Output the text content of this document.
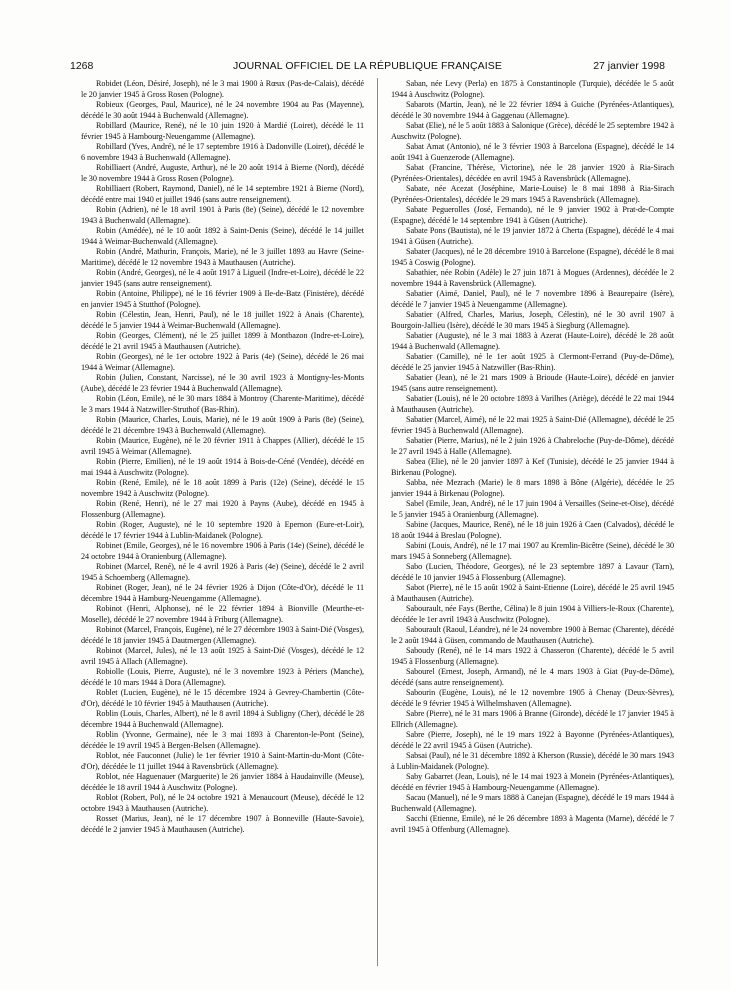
1268	JOURNAL OFFICIEL DE LA RÉPUBLIQUE FRANÇAISE	27 janvier 1998

Robidet (Léon, Désiré, Joseph), né le 3 mai 1900 à Rœux (Pas-de-Calais), décédé le 20 janvier 1945 à Gross Rosen (Pologne).

Robieux (Georges, Paul, Maurice), né le 24 novembre 1904 au Pas (Mayenne), décédé le 30 août 1944 à Buchenwald (Allemagne).

Robillard (Maurice, René), né le 10 juin 1920 à Mardié (Loiret), décédé le 11 février 1945 à Hambourg-Neuengamme (Allemagne).

Robillard (Yves, André), né le 17 septembre 1916 à Dadonville (Loiret), décédé le 6 novembre 1943 à Buchenwald (Allemagne).

Robilliaert (André, Auguste, Arthur), né le 20 août 1914 à Bierne (Nord), décédé le 30 novembre 1944 à Gross Rosen (Pologne).

Robilliaert (Robert, Raymond, Daniel), né le 14 septembre 1921 à Bierne (Nord), décédé entre mai 1940 et juillet 1946 (sans autre renseignement).

Robin (Adrien), né le 18 avril 1901 à Paris (8e) (Seine), décédé le 12 novembre 1943 à Buchenwald (Allemagne).

Robin (Amédée), né le 10 août 1892 à Saint-Denis (Seine), décédé le 14 juillet 1944 à Weimar-Buchenwald (Allemagne).

Robin (André, Mathurin, François, Marie), né le 3 juillet 1893 au Havre (Seine-Maritime), décédé le 12 novembre 1943 à Mauthausen (Autriche).

Robin (André, Georges), né le 4 août 1917 à Ligueil (Indre-et-Loire), décédé le 22 janvier 1945 (sans autre renseignement).

Robin (Antoine, Philippe), né le 16 février 1909 à Ile-de-Batz (Finistère), décédé en janvier 1945 à Stutthof (Pologne).

Robin (Célestin, Jean, Henri, Paul), né le 18 juillet 1922 à Anais (Charente), décédé le 5 janvier 1944 à Weimar-Buchenwald (Allemagne).

Robin (Georges, Clément), né le 25 juillet 1899 à Montbazon (Indre-et-Loire), décédé le 21 avril 1945 à Mauthausen (Autriche).

Robin (Georges), né le 1er octobre 1922 à Paris (4e) (Seine), décédé le 26 mai 1944 à Weimar (Allemagne).

Robin (Julien, Constant, Narcisse), né le 30 avril 1923 à Montigny-les-Monts (Aube), décédé le 23 février 1944 à Buchenwald (Allemagne).

Robin (Léon, Emile), né le 30 mars 1884 à Montroy (Charente-Maritime), décédé le 3 mars 1944 à Natzwiller-Struthof (Bas-Rhin).

Robin (Maurice, Charles, Louis, Marie), né le 19 août 1909 à Paris (8e) (Seine), décédé le 21 décembre 1943 à Buchenwald (Allemagne).

Robin (Maurice, Eugène), né le 20 février 1911 à Chappes (Allier), décédé le 15 avril 1945 à Weimar (Allemagne).

Robin (Pierre, Emilien), né le 19 août 1914 à Bois-de-Céné (Vendée), décédé en mai 1944 à Auschwitz (Pologne).

Robin (René, Emile), né le 18 août 1899 à Paris (12e) (Seine), décédé le 15 novembre 1942 à Auschwitz (Pologne).

Robin (René, Henri), né le 27 mai 1920 à Payns (Aube), décédé en 1945 à Flossenburg (Allemagne).

Robin (Roger, Auguste), né le 10 septembre 1920 à Epernon (Eure-et-Loir), décédé le 17 février 1944 à Lublin-Maidanek (Pologne).

Robinet (Emile, Georges), né le 16 novembre 1906 à Paris (14e) (Seine), décédé le 24 octobre 1944 à Oranienburg (Allemagne).

Robinet (Marcel, René), né le 4 avril 1926 à Paris (4e) (Seine), décédé le 2 avril 1945 à Schoemberg (Allemagne).

Robinet (Roger, Jean), né le 24 février 1926 à Dijon (Côte-d'Or), décédé le 11 décembre 1944 à Hamburg-Neuengamme (Allemagne).

Robinot (Henri, Alphonse), né le 22 février 1894 à Bionville (Meurthe-et-Moselle), décédé le 27 novembre 1944 à Friburg (Allemagne).

Robinot (Marcel, François, Eugène), né le 27 décembre 1903 à Saint-Dié (Vosges), décédé le 18 janvier 1945 à Dautmergen (Allemagne).

Robinot (Marcel, Jules), né le 13 août 1925 à Saint-Dié (Vosges), décédé le 12 avril 1945 à Allach (Allemagne).

Robiolle (Louis, Pierre, Auguste), né le 3 novembre 1923 à Périers (Manche), décédé le 10 mars 1944 à Dora (Allemagne).

Roblet (Lucien, Eugène), né le 15 décembre 1924 à Gevrey-Chambertin (Côte-d'Or), décédé le 10 février 1945 à Mauthausen (Autriche).

Roblin (Louis, Charles, Albert), né le 8 avril 1894 à Subligny (Cher), décédé le 28 décembre 1944 à Buchenwald (Allemagne).

Roblin (Yvonne, Germaine), née le 3 mai 1893 à Charenton-le-Pont (Seine), décédée le 19 avril 1945 à Bergen-Belsen (Allemagne).

Roblot, née Fauconnet (Julie) le 1er février 1910 à Saint-Martin-du-Mont (Côte-d'Or), décédée le 11 juillet 1944 à Ravensbrück (Allemagne).

Roblot, née Haguenauer (Marguerite) le 26 janvier 1884 à Haudainville (Meuse), décédée le 18 avril 1944 à Auschwitz (Pologne).

Roblot (Robert, Pol), né le 24 octobre 1921 à Menaucourt (Meuse), décédé le 12 octobre 1943 à Mauthausen (Autriche).

Rosset (Marius, Jean), né le 17 décembre 1907 à Bonneville (Haute-Savoie), décédé le 2 janvier 1945 à Mauthausen (Autriche).

Saban, née Levy (Perla) en 1875 à Constantinople (Turquie), décédée le 5 août 1944 à Auschwitz (Pologne).

Sabarots (Martin, Jean), né le 22 février 1894 à Guiche (Pyrénées-Atlantiques), décédé le 30 novembre 1944 à Gaggenau (Allemagne).

Sabat (Elie), né le 5 août 1883 à Salonique (Grèce), décédé le 25 septembre 1942 à Auschwitz (Pologne).

Sabat Amat (Antonio), né le 3 février 1903 à Barcelona (Espagne), décédé le 14 août 1941 à Guenzerode (Allemagne).

Sabat (Francine, Thérèse, Victorine), née le 28 janvier 1920 à Ria-Sirach (Pyrénées-Orientales), décédée en avril 1945 à Ravensbrück (Allemagne).

Sabate, née Acezat (Joséphine, Marie-Louise) le 8 mai 1898 à Ria-Sirach (Pyrénées-Orientales), décédée le 29 mars 1945 à Ravensbrück (Allemagne).

Sabate Peguerolles (José, Fernando), né le 9 janvier 1902 à Prat-de-Compte (Espagne), décédé le 14 septembre 1941 à Güsen (Autriche).

Sabate Pons (Bautista), né le 19 janvier 1872 à Cherta (Espagne), décédé le 4 mai 1941 à Güsen (Autriche).

Sabater (Jacques), né le 28 décembre 1910 à Barcelone (Espagne), décédé le 8 mai 1945 à Coswig (Pologne).

Sabathier, née Robin (Adèle) le 27 juin 1871 à Mogues (Ardennes), décédée le 2 novembre 1944 à Ravensbrück (Allemagne).

Sabatier (Aimé, Daniel, Paul), né le 7 novembre 1896 à Beaurepaire (Isère), décédé le 7 janvier 1945 à Neuengamme (Allemagne).

Sabatier (Alfred, Charles, Marius, Joseph, Célestin), né le 30 avril 1907 à Bourgoin-Jallieu (Isère), décédé le 30 mars 1945 à Siegburg (Allemagne).

Sabatier (Auguste), né le 3 mai 1883 à Azerat (Haute-Loire), décédé le 28 août 1944 à Buchenwald (Allemagne).

Sabatier (Camille), né le 1er août 1925 à Clermont-Ferrand (Puy-de-Dôme), décédé le 25 janvier 1945 à Natzwiller (Bas-Rhin).

Sabatier (Jean), né le 21 mars 1909 à Brioude (Haute-Loire), décédé en janvier 1945 (sans autre renseignement).

Sabatier (Louis), né le 20 octobre 1893 à Varilhes (Ariège), décédé le 22 mai 1944 à Mauthausen (Autriche).

Sabatier (Marcel, Aimé), né le 22 mai 1925 à Saint-Dié (Allemagne), décédé le 25 février 1945 à Buchenwald (Allemagne).

Sabatier (Pierre, Marius), né le 2 juin 1926 à Chabreloche (Puy-de-Dôme), décédé le 27 avril 1945 à Halle (Allemagne).

Sabea (Elie), né le 20 janvier 1897 à Kef (Tunisie), décédé le 25 janvier 1944 à Birkenau (Pologne).

Sabba, née Mezrach (Marie) le 8 mars 1898 à Bône (Algérie), décédée le 25 janvier 1944 à Birkenau (Pologne).

Sabel (Emile, Jean, André), né le 17 juin 1904 à Versailles (Seine-et-Oise), décédé le 5 janvier 1945 à Oranienburg (Allemagne).

Sabine (Jacques, Maurice, René), né le 18 juin 1926 à Caen (Calvados), décédé le 18 août 1944 à Breslau (Pologne).

Sabini (Louis, André), né le 17 mai 1907 au Kremlin-Bicêtre (Seine), décédé le 30 mars 1945 à Sonneberg (Allemagne).

Sabo (Lucien, Théodore, Georges), né le 23 septembre 1897 à Lavaur (Tarn), décédé le 10 janvier 1945 à Flossenburg (Allemagne).

Sabot (Pierre), né le 15 août 1902 à Saint-Etienne (Loire), décédé le 25 avril 1945 à Mauthausen (Autriche).

Sabourault, née Fays (Berthe, Célina) le 8 juin 1904 à Villiers-le-Roux (Charente), décédée le 1er avril 1943 à Auschwitz (Pologne).

Sabourault (Raoul, Léandre), né le 24 novembre 1900 à Bernac (Charente), décédé le 2 août 1944 à Güsen, commando de Mauthausen (Autriche).

Saboudy (René), né le 14 mars 1922 à Chasseron (Charente), décédé le 5 avril 1945 à Flossenburg (Allemagne).

Sabourel (Ernest, Joseph, Armand), né le 4 mars 1903 à Giat (Puy-de-Dôme), décédé (sans autre renseignement).

Sabourin (Eugène, Louis), né le 12 novembre 1905 à Chenay (Deux-Sèvres), décédé le 9 février 1945 à Wilhelmshaven (Allemagne).

Sabre (Pierre), né le 31 mars 1906 à Branne (Gironde), décédé le 17 janvier 1945 à Ellrich (Allemagne).

Sabre (Pierre, Joseph), né le 19 mars 1922 à Bayonne (Pyrénées-Atlantiques), décédé le 22 avril 1945 à Güsen (Autriche).

Sabsai (Paul), né le 31 décembre 1892 à Kherson (Russie), décédé le 30 mars 1943 à Lublin-Maidanek (Pologne).

Saby Gabarret (Jean, Louis), né le 14 mai 1923 à Monein (Pyrénées-Atlantiques), décédé en février 1945 à Hambourg-Neuengamme (Allemagne).

Sacau (Manuel), né le 9 mars 1888 à Canejan (Espagne), décédé le 19 mars 1944 à Buchenwald (Allemagne).

Sacchi (Etienne, Emile), né le 26 décembre 1893 à Magenta (Marne), décédé le 7 avril 1945 à Offenburg (Allemagne).
